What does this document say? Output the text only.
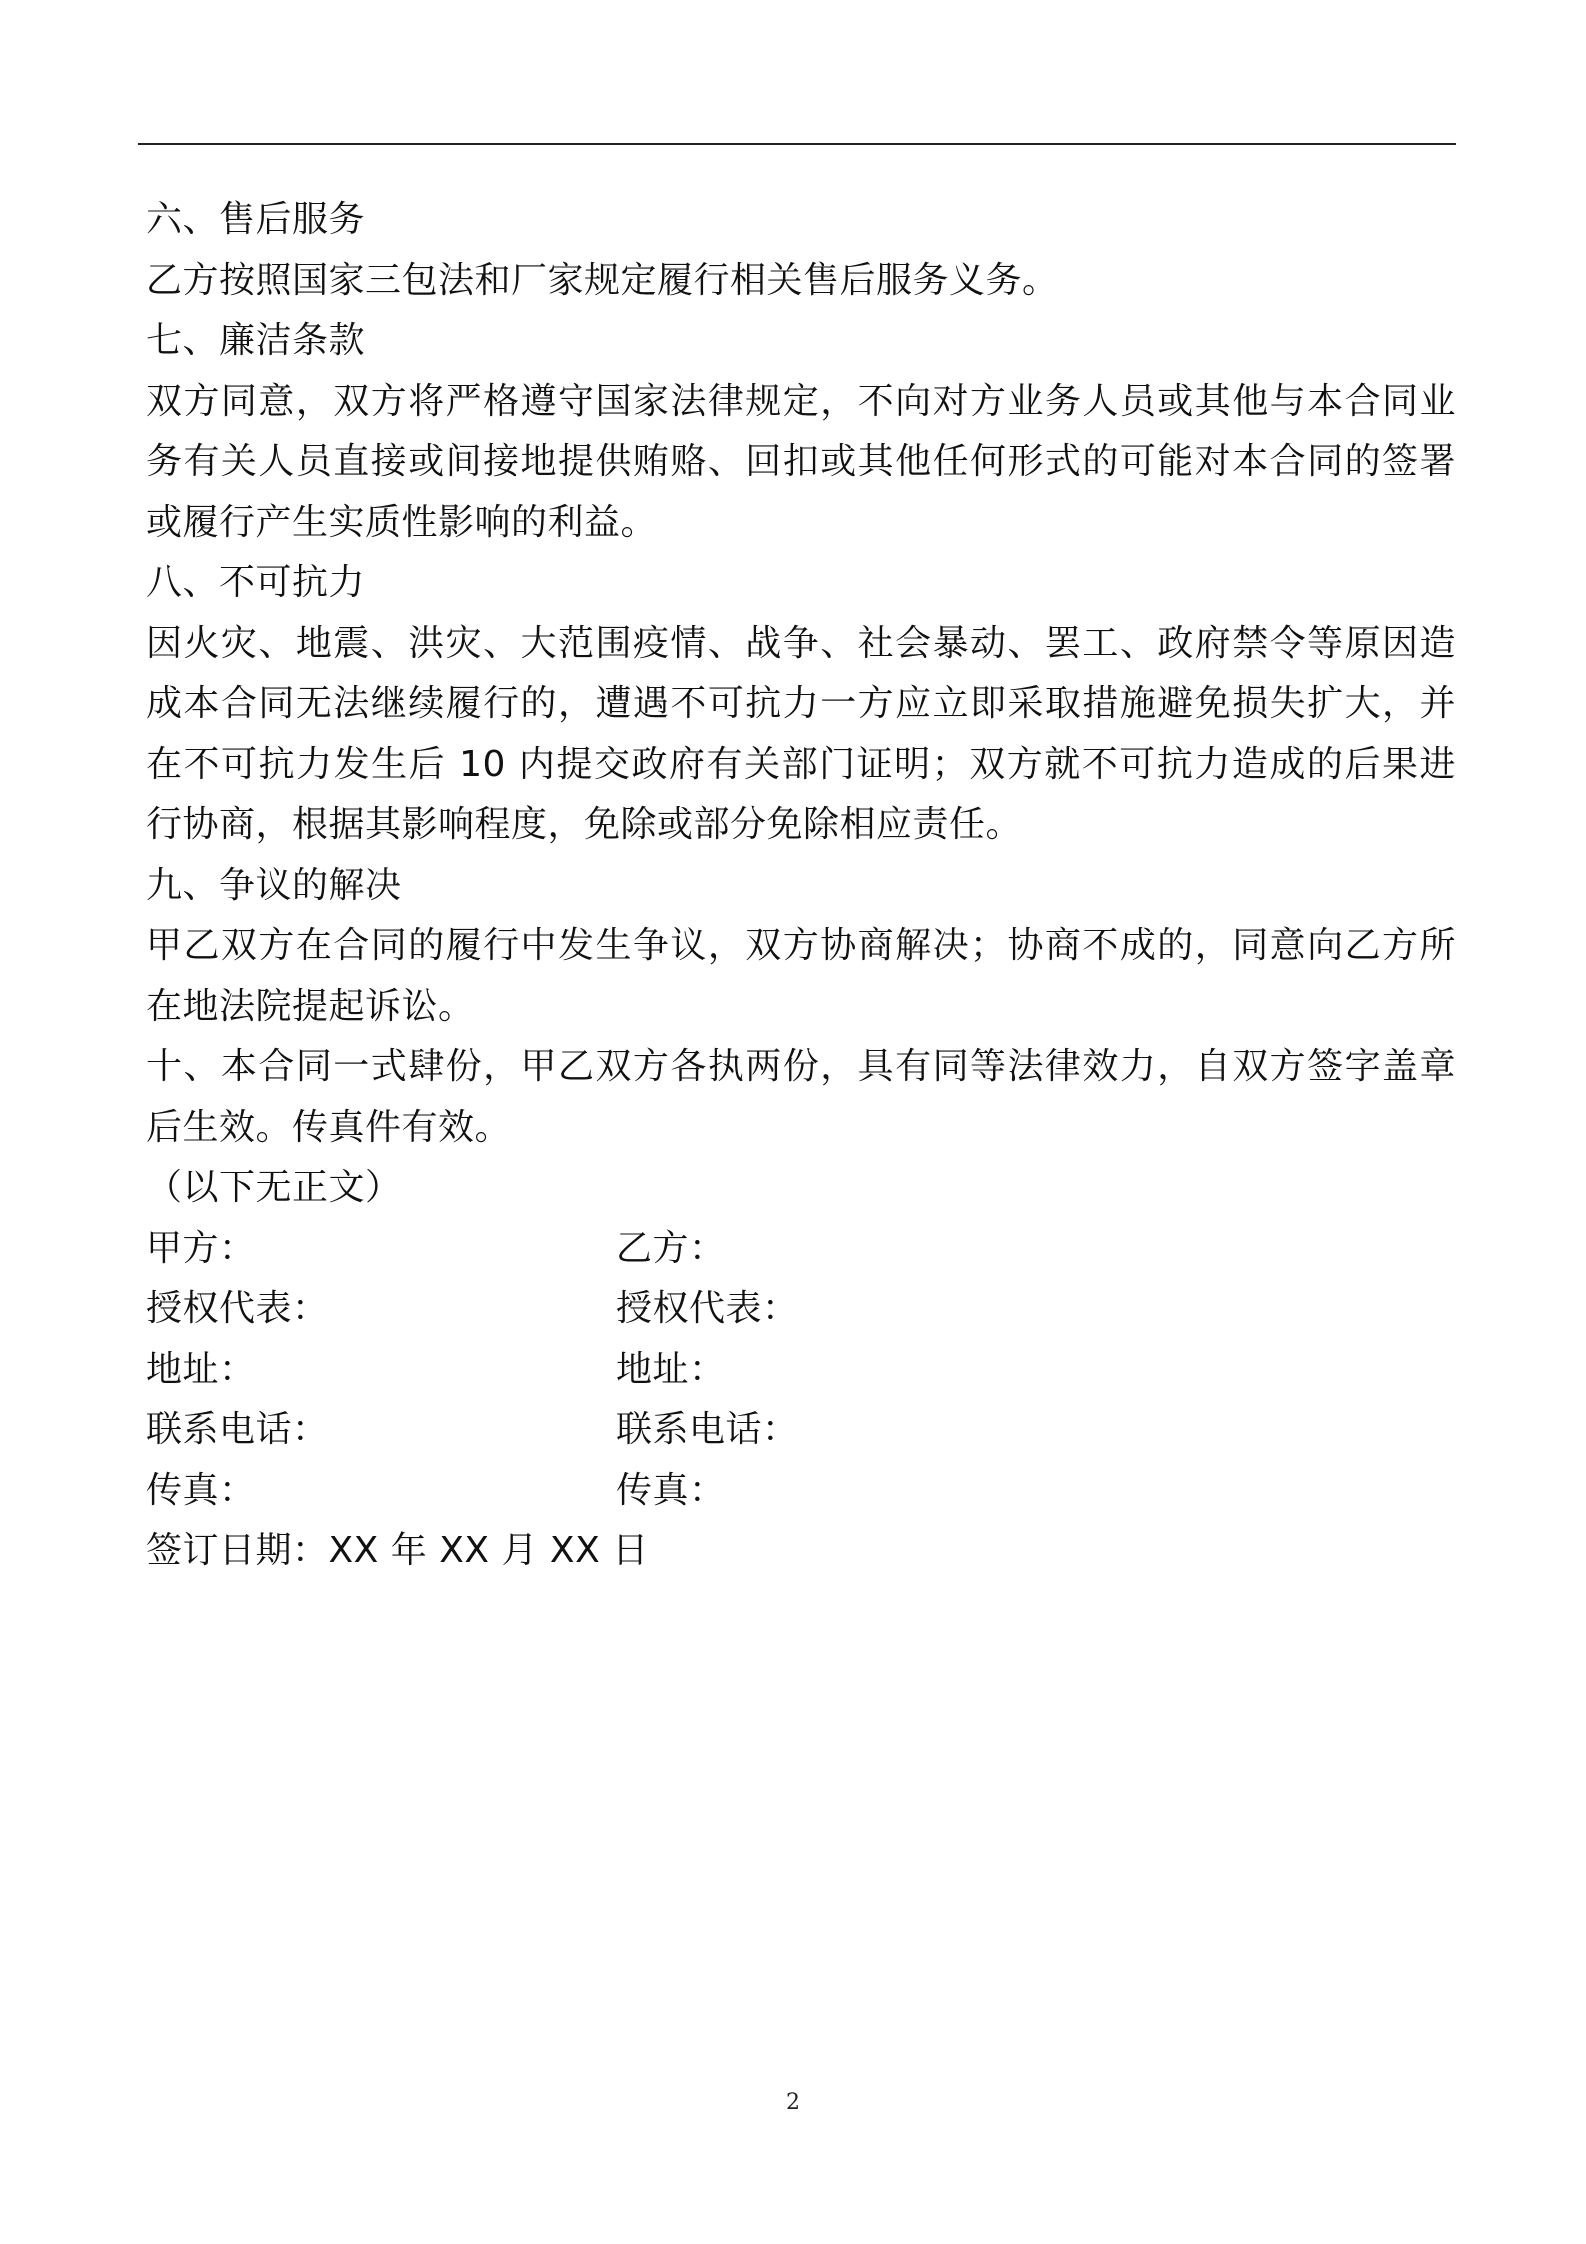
六、售后服务

乙方按照国家三包法和厂家规定履行相关售后服务义务。

七、廉洁条款

双方同意，双方将严格遵守国家法律规定，不向对方业务人员或其他与本合同业务有关人员直接或间接地提供贿赂、回扣或其他任何形式的可能对本合同的签署或履行产生实质性影响的利益。

八、不可抗力

因火灾、地震、洪灾、大范围疫情、战争、社会暴动、罢工、政府禁令等原因造成本合同无法继续履行的，遭遇不可抗力一方应立即采取措施避免损失扩大，并在不可抗力发生后 10 内提交政府有关部门证明；双方就不可抗力造成的后果进行协商，根据其影响程度，免除或部分免除相应责任。

九、争议的解决

甲乙双方在合同的履行中发生争议，双方协商解决；协商不成的，同意向乙方所在地法院提起诉讼。

十、本合同一式肆份，甲乙双方各执两份，具有同等法律效力，自双方签字盖章后生效。传真件有效。

（以下无正文）

甲方：	乙方：
授权代表：	授权代表：
地址：	地址：
联系电话：	联系电话：
传真：	传真：

签订日期：XX 年 XX 月 XX 日

2
